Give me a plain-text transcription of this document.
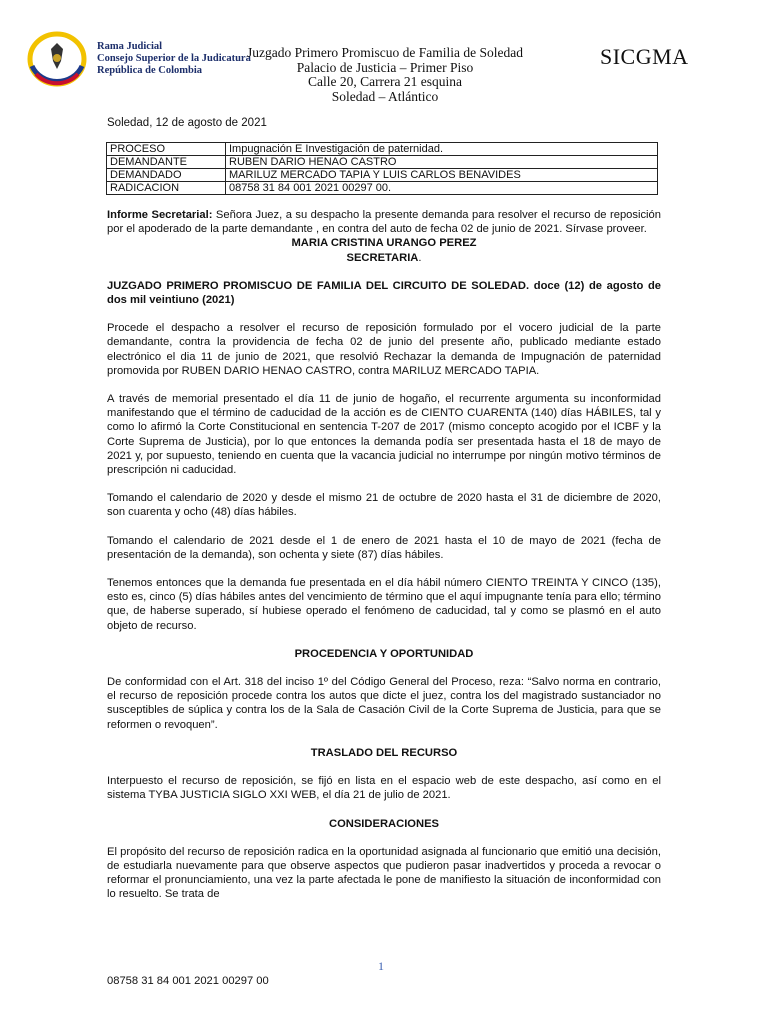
Rama Judicial
Consejo Superior de la Judicatura
República de Colombia
Juzgado Primero Promiscuo de Familia de Soledad
Palacio de Justicia – Primer Piso
Calle 20, Carrera 21 esquina
Soledad – Atlántico
SICGMA
Soledad, 12 de agosto de 2021
PROCESO	Impugnación E Investigación de paternidad.
DEMANDANTE	RUBEN DARIO HENAO CASTRO
DEMANDADO	MARILUZ MERCADO TAPIA Y LUIS CARLOS BENAVIDES
RADICACION	08758 31 84 001 2021 00297 00.

Informe Secretarial: Señora Juez, a su despacho la presente demanda para resolver el recurso de reposición por el apoderado de la parte demandante , en contra del auto de fecha 02 de junio de 2021. Sírvase proveer.

MARIA CRISTINA URANGO PEREZ

SECRETARIA.

JUZGADO PRIMERO PROMISCUO DE FAMILIA DEL CIRCUITO DE SOLEDAD. doce (12) de agosto de dos mil veintiuno (2021)

Procede el despacho a resolver el recurso de reposición formulado por el vocero judicial de la parte demandante, contra la providencia de fecha 02 de junio del presente año, publicado mediante estado electrónico el dia 11 de junio de 2021, que resolvió Rechazar la demanda de Impugnación de paternidad promovida por RUBEN DARIO HENAO CASTRO, contra MARILUZ MERCADO TAPIA.

A través de memorial presentado el día 11 de junio de hogaño, el recurrente argumenta su inconformidad manifestando que el término de caducidad de la acción es de CIENTO CUARENTA (140) días HÁBILES, tal y como lo afirmó la Corte Constitucional en sentencia T-207 de 2017 (mismo concepto acogido por el ICBF y la Corte Suprema de Justicia), por lo que entonces la demanda podía ser presentada hasta el 18 de mayo de 2021 y, por supuesto, teniendo en cuenta que la vacancia judicial no interrumpe por ningún motivo términos de prescripción ni caducidad.

Tomando el calendario de 2020 y desde el mismo 21 de octubre de 2020 hasta el 31 de diciembre de 2020, son cuarenta y ocho (48) días hábiles.

Tomando el calendario de 2021 desde el 1 de enero de 2021 hasta el 10 de mayo de 2021 (fecha de presentación de la demanda), son ochenta y siete (87) días hábiles.

Tenemos entonces que la demanda fue presentada en el día hábil número CIENTO TREINTA Y CINCO (135), esto es, cinco (5) días hábiles antes del vencimiento de término que el aquí impugnante tenía para ello; término que, de haberse superado, sí hubiese operado el fenómeno de caducidad, tal y como se plasmó en el auto objeto de recurso.

PROCEDENCIA Y OPORTUNIDAD

De conformidad con el Art. 318 del inciso 1º del Código General del Proceso, reza: “Salvo norma en contrario, el recurso de reposición procede contra los autos que dicte el juez, contra los del magistrado sustanciador no susceptibles de súplica y contra los de la Sala de Casación Civil de la Corte Suprema de Justicia, para que se reformen o revoquen”.

TRASLADO DEL RECURSO

Interpuesto el recurso de reposición, se fijó en lista en el espacio web de este despacho, así como en el sistema TYBA JUSTICIA SIGLO XXI WEB, el día 21 de julio de 2021.

CONSIDERACIONES

El propósito del recurso de reposición radica en la oportunidad asignada al funcionario que emitió una decisión, de estudiarla nuevamente para que observe aspectos que pudieron pasar inadvertidos y proceda a revocar o reformar el pronunciamiento, una vez la parte afectada le pone de manifiesto la situación de inconformidad con lo resuelto. Se trata de

1
08758 31 84 001 2021 00297 00
